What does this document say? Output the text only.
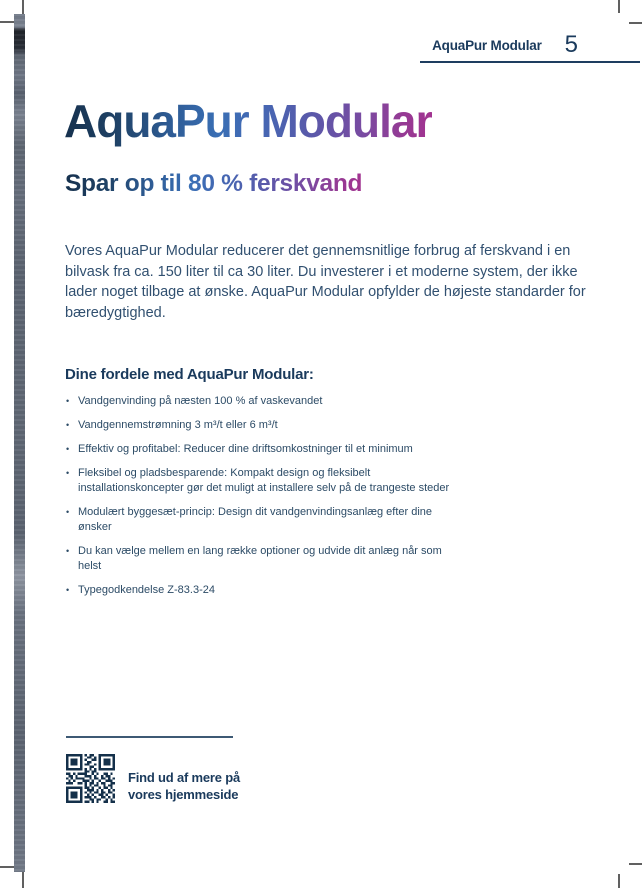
AquaPur Modular 5
AquaPur Modular
Spar op til 80 % ferskvand

Vores AquaPur Modular reducerer det gennemsnitlige forbrug af ferskvand i en bilvask fra ca. 150 liter til ca 30 liter. Du investerer i et moderne system, der ikke lader noget tilbage at ønske. AquaPur Modular opfylder de højeste standarder for bæredygtighed.

Dine fordele med AquaPur Modular:
• Vandgenvinding på næsten 100 % af vaskevandet
• Vandgennemstrømning 3 m³/t eller 6 m³/t
• Effektiv og profitabel: Reducer dine driftsomkostninger til et minimum
• Fleksibel og pladsbesparende: Kompakt design og fleksibelt installationskoncepter gør det muligt at installere selv på de trangeste steder
• Modulært byggesæt-princip: Design dit vandgenvindingsanlæg efter dine ønsker
• Du kan vælge mellem en lang række optioner og udvide dit anlæg når som helst
• Typegodkendelse Z-83.3-24
Find ud af mere på
vores hjemmeside
